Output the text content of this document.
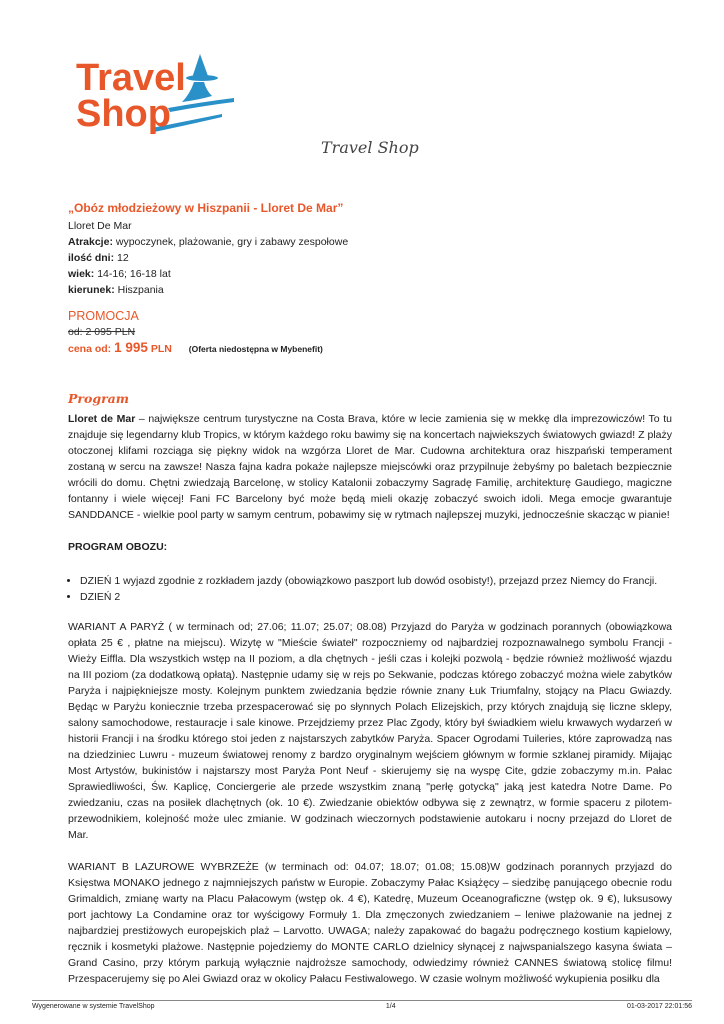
Travel
Shop
Travel Shop
„Obóz młodzieżowy w Hiszpanii - Lloret De Mar”
Lloret De Mar
Atrakcje: wypoczynek, plażowanie, gry i zabawy zespołowe
ilość dni: 12
wiek: 14-16; 16-18 lat
kierunek: Hiszpania
PROMOCJA
od: 2 095 PLN
cena od: 1 995 PLN (Oferta niedostępna w Mybenefit)
Program

Lloret de Mar – największe centrum turystyczne na Costa Brava, które w lecie zamienia się w mekkę dla imprezowiczów! To tu znajduje się legendarny klub Tropics, w którym każdego roku bawimy się na koncertach najwiekszych światowych gwiazd! Z plaży otoczonej klifami rozciąga się piękny widok na wzgórza Lloret de Mar. Cudowna architektura oraz hiszpański temperament zostaną w sercu na zawsze! Nasza fajna kadra pokaże najlepsze miejscówki oraz przypilnuje żebyśmy po baletach bezpiecznie wrócili do domu. Chętni zwiedzają Barcelonę, w stolicy Katalonii zobaczymy Sagradę Familię, architekturę Gaudiego, magiczne fontanny i wiele więcej! Fani FC Barcelony być może będą mieli okazję zobaczyć swoich idoli. Mega emocje gwarantuje SANDDANCE - wielkie pool party w samym centrum, pobawimy się w rytmach najlepszej muzyki, jednocześnie skacząc w pianie!

PROGRAM OBOZU:
• DZIEŃ 1 wyjazd zgodnie z rozkładem jazdy (obowiązkowo paszport lub dowód osobisty!), przejazd przez Niemcy do Francji.
• DZIEŃ 2

WARIANT A PARYŻ ( w terminach od; 27.06; 11.07; 25.07; 08.08) Przyjazd do Paryża w godzinach porannych (obowiązkowa opłata 25 € , płatne na miejscu). Wizytę w "Mieście świateł" rozpoczniemy od najbardziej rozpoznawalnego symbolu Francji - Wieży Eiffla. Dla wszystkich wstęp na II poziom, a dla chętnych - jeśli czas i kolejki pozwolą - będzie również możliwość wjazdu na III poziom (za dodatkową opłatą). Następnie udamy się w rejs po Sekwanie, podczas którego zobaczyć można wiele zabytków Paryża i najpiękniejsze mosty. Kolejnym punktem zwiedzania będzie równie znany Łuk Triumfalny, stojący na Placu Gwiazdy. Będąc w Paryżu koniecznie trzeba przespacerować się po słynnych Polach Elizejskich, przy których znajdują się liczne sklepy, salony samochodowe, restauracje i sale kinowe. Przejdziemy przez Plac Zgody, który był świadkiem wielu krwawych wydarzeń w historii Francji i na środku którego stoi jeden z najstarszych zabytków Paryża. Spacer Ogrodami Tuileries, które zaprowadzą nas na dziedziniec Luwru - muzeum światowej renomy z bardzo oryginalnym wejściem głównym w formie szklanej piramidy. Mijając Most Artystów, bukinistów i najstarszy most Paryża Pont Neuf - skierujemy się na wyspę Cite, gdzie zobaczymy m.in. Pałac Sprawiedliwości, Św. Kaplicę, Conciergerie ale przede wszystkim znaną "perłę gotycką" jaką jest katedra Notre Dame. Po zwiedzaniu, czas na posiłek dlachętnych (ok. 10 €). Zwiedzanie obiektów odbywa się z zewnątrz, w formie spaceru z pilotem-przewodnikiem, kolejność może ulec zmianie. W godzinach wieczornych podstawienie autokaru i nocny przejazd do Lloret de Mar.

WARIANT B LAZUROWE WYBRZEŻE (w terminach od: 04.07; 18.07; 01.08; 15.08)W godzinach porannych przyjazd do Księstwa MONAKO jednego z najmniejszych państw w Europie. Zobaczymy Pałac Książęcy – siedzibę panującego obecnie rodu Grimaldich, zmianę warty na Placu Pałacowym (wstęp ok. 4 €), Katedrę, Muzeum Oceanograficzne (wstęp ok. 9 €), luksusowy port jachtowy La Condamine oraz tor wyścigowy Formuły 1. Dla zmęczonych zwiedzaniem – leniwe plażowanie na jednej z najbardziej prestiżowych europejskich plaż – Larvotto. UWAGA; należy zapakować do bagażu podręcznego kostium kąpielowy, ręcznik i kosmetyki plażowe. Następnie pojedziemy do MONTE CARLO dzielnicy słynącej z najwspanialszego kasyna świata – Grand Casino, przy którym parkują wyłącznie najdroższe samochody, odwiedzimy również CANNES światową stolicę filmu! Przespacerujemy się po Alei Gwiazd oraz w okolicy Pałacu Festiwalowego. W czasie wolnym możliwość wykupienia posiłku dla

Wygenerowane w systemie TravelShop	1/4	01-03-2017 22:01:56
